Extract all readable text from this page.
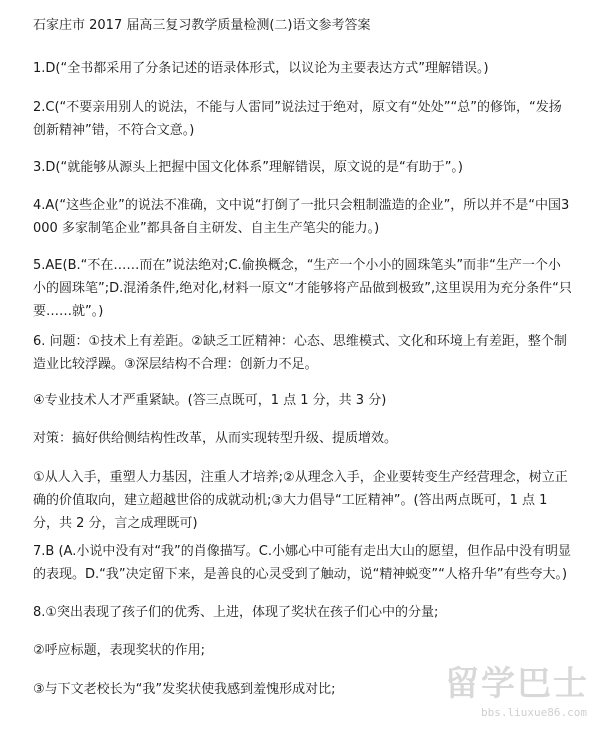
石家庄市 2017 届高三复习教学质量检测(二)语文参考答案
1.D(“全书都采用了分条记述的语录体形式，以议论为主要表达方式”理解错误。)
2.C(“不要亲用别人的说法，不能与人雷同”说法过于绝对，原文有“处处”“总”的修饰，“发扬创新精神”错，不符合文意。)
3.D(“就能够从源头上把握中国文化体系”理解错误，原文说的是“有助于”。)
4.A(“这些企业”的说法不准确，文中说“打倒了一批只会粗制滥造的企业”，所以并不是“中国3000 多家制笔企业”都具备自主研发、自主生产笔尖的能力。)
5.AE(B.“不在……而在”说法绝对;C.偷换概念，“生产一个小小的圆珠笔头”而非“生产一个小小的圆珠笔”;D.混淆条件,绝对化,材料一原文“才能够将产品做到极致”,这里误用为充分条件“只要……就”。)
6. 问题：①技术上有差距。②缺乏工匠精神：心态、思维模式、文化和环境上有差距，整个制造业比较浮躁。③深层结构不合理：创新力不足。
④专业技术人才严重紧缺。(答三点既可，1 点 1 分，共 3 分)
对策：搞好供给侧结构性改革，从而实现转型升级、提质增效。
①从人入手，重塑人力基因，注重人才培养;②从理念入手，企业要转变生产经营理念，树立正确的价值取向，建立超越世俗的成就动机;③大力倡导“工匠精神”。(答出两点既可，1 点 1 分，共 2 分，言之成理既可)
7.B (A.小说中没有对“我”的肖像描写。C.小娜心中可能有走出大山的愿望，但作品中没有明显的表现。D.“我”决定留下来，是善良的心灵受到了触动，说“精神蜕变”“人格升华”有些夸大。)
8.①突出表现了孩子们的优秀、上进，体现了奖状在孩子们心中的分量;
②呼应标题，表现奖状的作用;
③与下文老校长为“我”发奖状使我感到羞愧形成对比;	留学巴士
bbs.liuxue86.com
